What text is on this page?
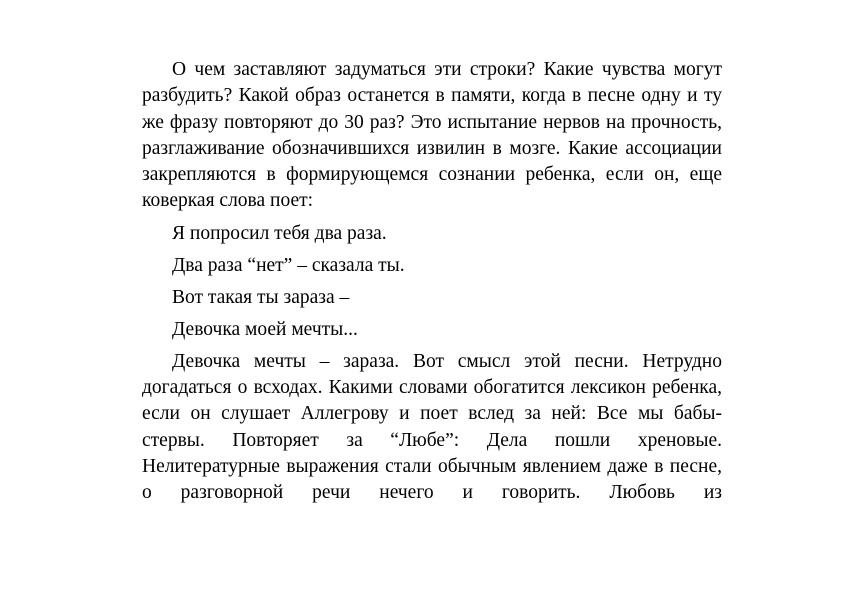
О чем заставляют задуматься эти строки? Какие чувства могут разбудить? Какой образ останется в памяти, когда в песне одну и ту же фразу повторяют до 30 раз? Это испытание нервов на прочность, разглаживание обозначившихся извилин в мозге. Какие ассоциации закрепляются в формирующемся сознании ребенка, если он, еще коверкая слова поет:

Я попросил тебя два раза.

Два раза “нет” – сказала ты.

Вот такая ты зараза –

Девочка моей мечты...

Девочка мечты – зараза. Вот смысл этой песни. Нетрудно догадаться о всходах. Какими словами обогатится лексикон ребенка, если он слушает Аллегрову и поет вслед за ней: Все мы бабы-стервы. Повторяет за “Любе”: Дела пошли хреновые. Нелитературные выражения стали обычным явлением даже в песне, о разговорной речи нечего и говорить. Любовь из
